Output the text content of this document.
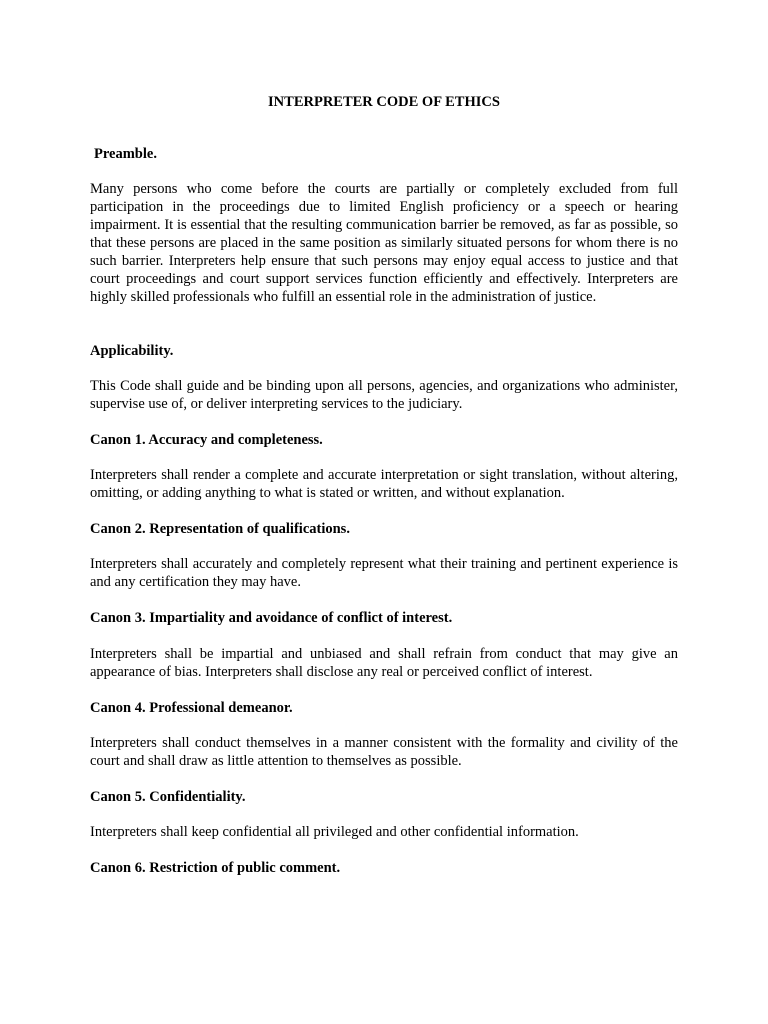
INTERPRETER CODE OF ETHICS
Preamble.

Many persons who come before the courts are partially or completely excluded from full participation in the proceedings due to limited English proficiency or a speech or hearing impairment. It is essential that the resulting communication barrier be removed, as far as possible, so that these persons are placed in the same position as similarly situated persons for whom there is no such barrier. Interpreters help ensure that such persons may enjoy equal access to justice and that court proceedings and court support services function efficiently and effectively. Interpreters are highly skilled professionals who fulfill an essential role in the administration of justice.

Applicability.

This Code shall guide and be binding upon all persons, agencies, and organizations who administer, supervise use of, or deliver interpreting services to the judiciary.

Canon 1. Accuracy and completeness.

Interpreters shall render a complete and accurate interpretation or sight translation, without altering, omitting, or adding anything to what is stated or written, and without explanation.

Canon 2. Representation of qualifications.

Interpreters shall accurately and completely represent what their training and pertinent experience is and any certification they may have.

Canon 3. Impartiality and avoidance of conflict of interest.

Interpreters shall be impartial and unbiased and shall refrain from conduct that may give an appearance of bias. Interpreters shall disclose any real or perceived conflict of interest.

Canon 4. Professional demeanor.

Interpreters shall conduct themselves in a manner consistent with the formality and civility of the court and shall draw as little attention to themselves as possible.

Canon 5. Confidentiality.

Interpreters shall keep confidential all privileged and other confidential information.

Canon 6. Restriction of public comment.
